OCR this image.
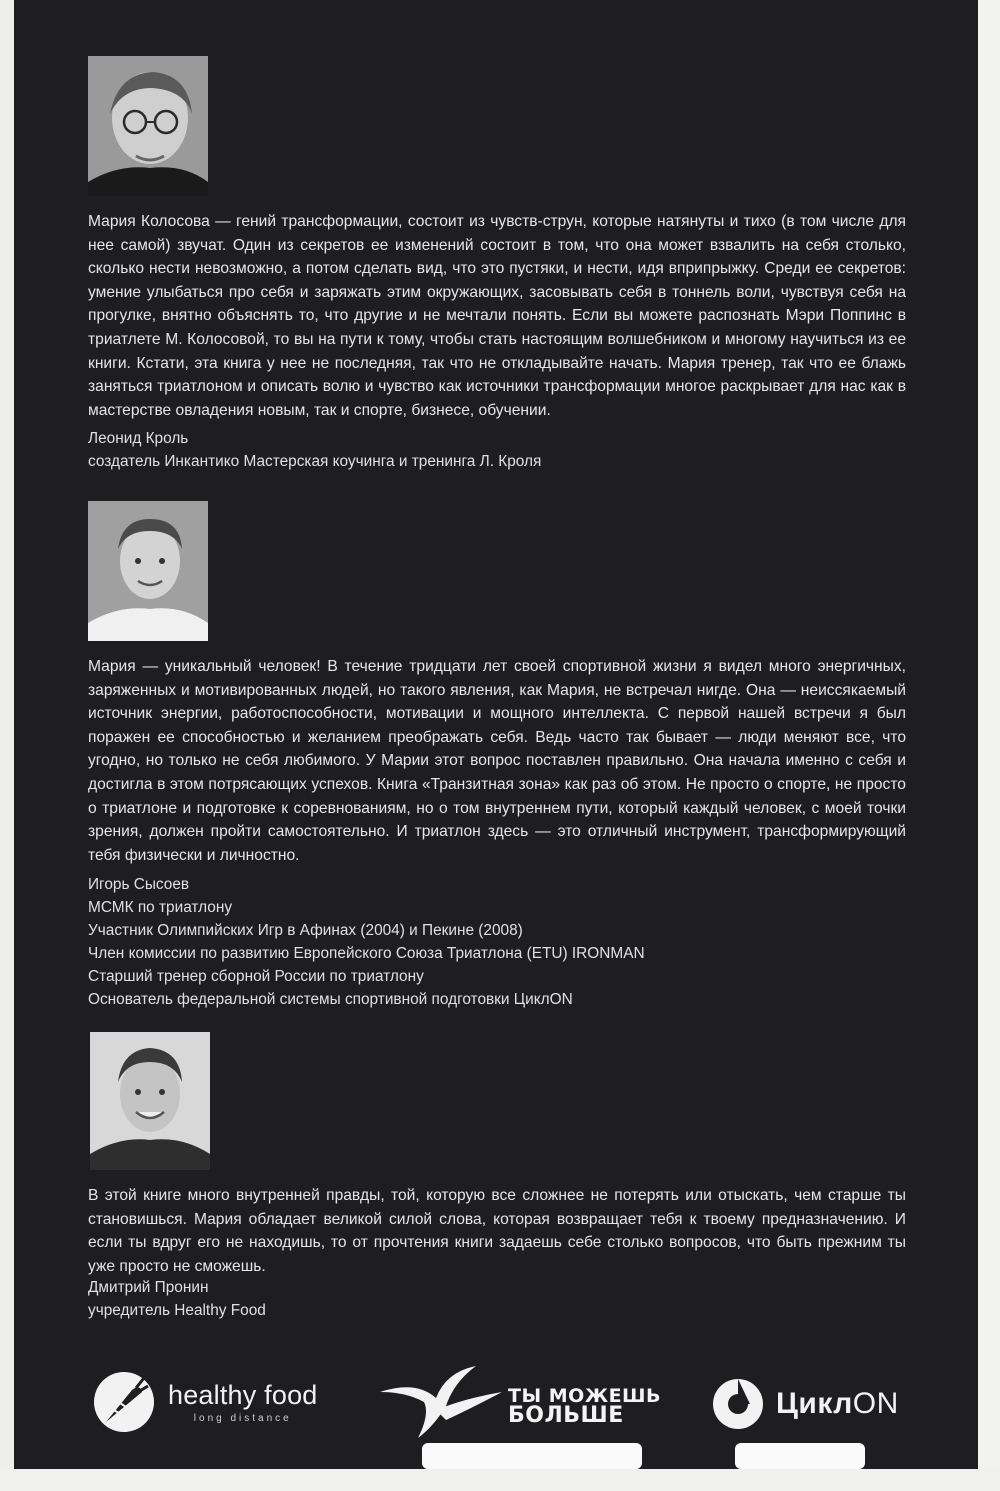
Мария Колосова — гений трансформации, состоит из чувств-струн, которые натянуты и тихо (в том числе для нее самой) звучат. Один из секретов ее изменений состоит в том, что она может взвалить на себя столько, сколько нести невозможно, а потом сделать вид, что это пустяки, и нести, идя вприпрыжку. Среди ее секретов: умение улыбаться про себя и заряжать этим окружающих, засовывать себя в тоннель воли, чувствуя себя на прогулке, внятно объяснять то, что другие и не мечтали понять. Если вы можете распознать Мэри Поппинс в триатлете М. Колосовой, то вы на пути к тому, чтобы стать настоящим волшебником и многому научиться из ее книги. Кстати, эта книга у нее не последняя, так что не откладывайте начать. Мария тренер, так что ее блажь заняться триатлоном и описать волю и чувство как источники трансформации многое раскрывает для нас как в мастерстве овладения новым, так и спорте, бизнесе, обучении.

Леонид Кроль
создатель Инкантико Мастерская коучинга и тренинга Л. Кроля

Мария — уникальный человек! В течение тридцати лет своей спортивной жизни я видел много энергичных, заряженных и мотивированных людей, но такого явления, как Мария, не встречал нигде. Она — неиссякаемый источник энергии, работоспособности, мотивации и мощного интеллекта. С первой нашей встречи я был поражен ее способностью и желанием преображать себя. Ведь часто так бывает — люди меняют все, что угодно, но только не себя любимого. У Марии этот вопрос поставлен правильно. Она начала именно с себя и достигла в этом потрясающих успехов. Книга «Транзитная зона» как раз об этом. Не просто о спорте, не просто о триатлоне и подготовке к соревнованиям, но о том внутреннем пути, который каждый человек, с моей точки зрения, должен пройти самостоятельно. И триатлон здесь — это отличный инструмент, трансформирующий тебя физически и личностно.

Игорь Сысоев
МСМК по триатлону
Участник Олимпийских Игр в Афинах (2004) и Пекине (2008)
Член комиссии по развитию Европейского Союза Триатлона (ETU) IRONMAN
Старший тренер сборной России по триатлону
Основатель федеральной системы спортивной подготовки ЦиклON

В этой книге много внутренней правды, той, которую все сложнее не потерять или отыскать, чем старше ты становишься. Мария обладает великой силой слова, которая возвращает тебя к твоему предназначению. И если ты вдруг его не находишь, то от прочтения книги задаешь себе столько вопросов, что быть прежним ты уже просто не сможешь.

Дмитрий Пронин
учредитель Healthy Food
healthy food
long distance
ТЫ МОЖЕШЬ
БОЛЬШЕ	ЦиклON
